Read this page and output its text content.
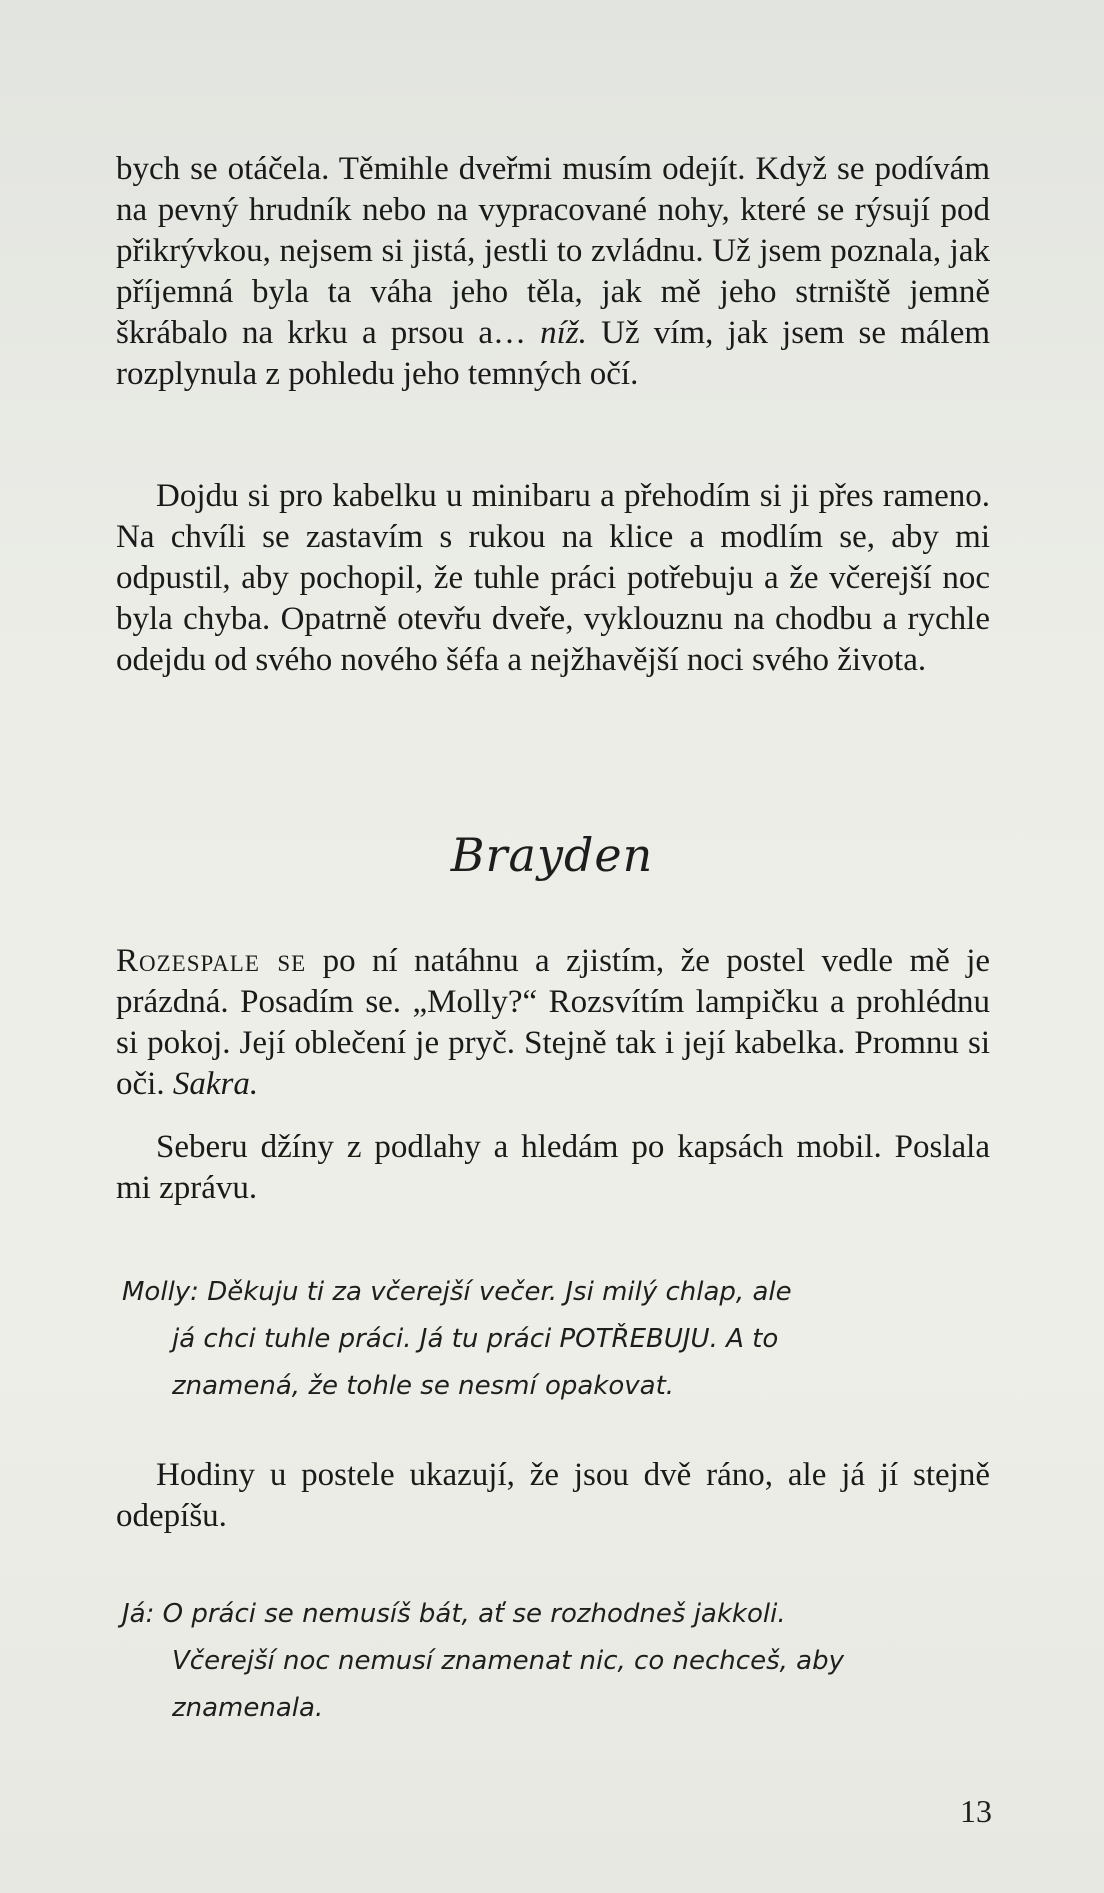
bych se otáčela. Těmihle dveřmi musím odejít. Když se podívám na pevný hrudník nebo na vypracované nohy, které se rýsují pod přikrývkou, nejsem si jistá, jestli to zvládnu. Už jsem poznala, jak příjemná byla ta váha jeho těla, jak mě jeho strniště jemně škrábalo na krku a prsou a… níž. Už vím, jak jsem se málem rozplynula z pohledu jeho temných očí.

Dojdu si pro kabelku u minibaru a přehodím si ji přes rameno. Na chvíli se zastavím s rukou na klice a modlím se, aby mi odpustil, aby pochopil, že tuhle práci potřebuju a že včerejší noc byla chyba. Opatrně otevřu dveře, vyklouznu na chodbu a rychle odejdu od svého nového šéfa a nejžhavější noci svého života.

Brayden

Rozespale se po ní natáhnu a zjistím, že postel vedle mě je prázdná. Posadím se. „Molly?“ Rozsvítím lampičku a prohlédnu si pokoj. Její oblečení je pryč. Stejně tak i její kabelka. Promnu si oči. Sakra.

Seberu džíny z podlahy a hledám po kapsách mobil. Poslala mi zprávu.

Molly: Děkuju ti za včerejší večer. Jsi milý chlap, ale
já chci tuhle práci. Já tu práci POTŘEBUJU. A to
znamená, že tohle se nesmí opakovat.

Hodiny u postele ukazují, že jsou dvě ráno, ale já jí stejně odepíšu.

Já: O práci se nemusíš bát, ať se rozhodneš jakkoli.
Včerejší noc nemusí znamenat nic, co nechceš, aby
znamenala.
13
